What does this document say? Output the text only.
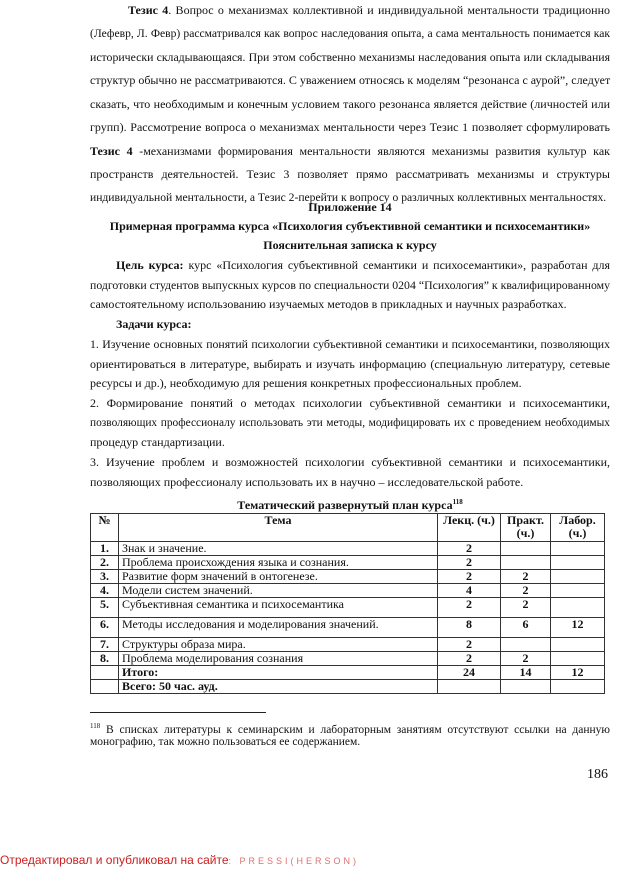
Тезис 4. Вопрос о механизмах коллективной и индивидуальной ментальности традиционно
(Лефевр, Л. Февр) рассматривался как вопрос наследования опыта, а сама ментальность понимается как
исторически складывающаяся. При этом собственно механизмы наследования опыта или складывания
структур обычно не рассматриваются. С уважением относясь к моделям “резонанса с аурой”, следует
сказать, что необходимым и конечным условием такого резонанса является действие (личностей или
групп). Рассмотрение вопроса о механизмах ментальности через Тезис 1 позволяет сформулировать
Тезис 4 -механизмами формирования ментальности являются механизмы развития культур как
пространств деятельностей. Тезис 3 позволяет прямо рассматривать механизмы и структуры
индивидуальной ментальности, а Тезис 2-перейти к вопросу о различных коллективных ментальностях.
Приложение 14
Примерная программа курса «Психология субъективной семантики и психосемантики»
Пояснительная записка к курсу
Цель курса: курс «Психология субъективной семантики и психосемантики», разработан для
подготовки студентов выпускных курсов по специальности 0204 “Психология” к квалифицированному
самостоятельному использованию изучаемых методов в прикладных и научных разработках.
Задачи курса:
1. Изучение основных понятий психологии субъективной семантики и психосемантики, позволяющих
ориентироваться в литературе, выбирать и изучать информацию (специальную литературу, сетевые
ресурсы и др.), необходимую для решения конкретных профессиональных проблем.
2. Формирование понятий о методах психологии субъективной семантики и психосемантики,
позволяющих профессионалу использовать эти методы, модифицировать их с проведением необходимых
процедур стандартизации.
3. Изучение проблем и возможностей психологии субъективной семантики и психосемантики,
позволяющих профессионалу использовать их в научно – исследовательской работе.
Тематический развернутый план курса$^{118}$
№	Тема	Лекц. (ч.)	Практ. (ч.)	Лабор. (ч.)
1.	Знак и значение.	2		
2.	Проблема происхождения языка и сознания.	2		
3.	Развитие форм значений в онтогенезе.	2	2	
4.	Модели систем значений.	4	2	
5.	Субъективная семантика и психосемантика	2	2	
6.	Методы исследования и моделирования значений.	8	6	12
7.	Структуры образа мира.	2		
8.	Проблема моделирования сознания	2	2	
	Итого:	24	14	12
	Всего: 50 час. ауд.			
$^{118}$ В списках литературы к семинарским и лабораторным занятиям отсутствуют ссылки на данную
монографию, так можно пользоваться ее содержанием.
186
Отредактировал и опубликовал на сайте: PRESSI(HERSON)
